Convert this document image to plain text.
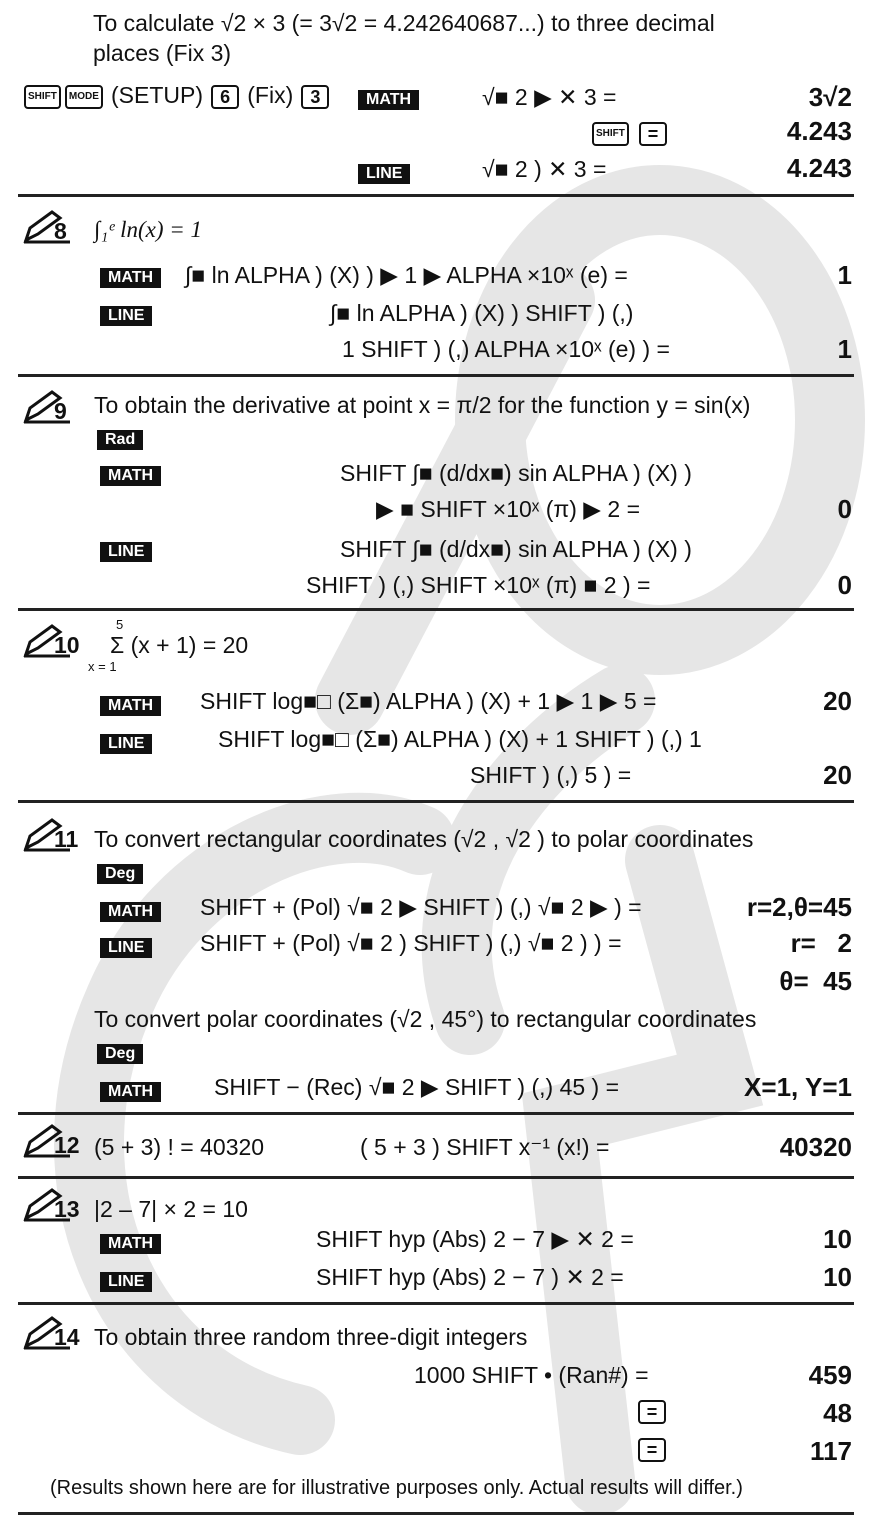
To calculate √2 × 3 (= 3√2 = 4.242640687...) to three decimal
places (Fix 3)
SHIFT MODE (SETUP) 6 (Fix) 3	MATH	√■ 2 ▶ ✕ 3 =	3√2
SHIFT =	4.243
LINE	√■ 2 ) ✕ 3 =	4.243
8 ∫₁ᵉ ln(x) = 1
MATH	∫■ ln ALPHA ) (X) ) ▶ 1 ▶ ALPHA ×10ˣ (e) =	1
LINE	∫■ ln ALPHA ) (X) ) SHIFT ) (,)
1 SHIFT ) (,) ALPHA ×10ˣ (e) ) =	1
9 To obtain the derivative at point x = π/2 for the function y = sin(x)
Rad
MATH	SHIFT ∫■ (d/dx■) sin ALPHA ) (X) )
▶ ■ SHIFT ×10ˣ (π) ▶ 2 =	0
LINE	SHIFT ∫■ (d/dx■) sin ALPHA ) (X) )
SHIFT ) (,) SHIFT ×10ˣ (π) ■ 2 ) =	0
10
5
x = 1
Σ (x + 1) = 20
MATH	SHIFT log■□ (Σ■) ALPHA ) (X) + 1 ▶ 1 ▶ 5 =	20
LINE	SHIFT log■□ (Σ■) ALPHA ) (X) + 1 SHIFT ) (,) 1
SHIFT ) (,) 5 ) =	20
11 To convert rectangular coordinates (√2 , √2 ) to polar coordinates
Deg
MATH	SHIFT + (Pol) √■ 2 ▶ SHIFT ) (,) √■ 2 ▶ ) =	r=2,θ=45
LINE	SHIFT + (Pol) √■ 2 ) SHIFT ) (,) √■ 2 ) ) =	r=   2
θ=  45
To convert polar coordinates (√2 , 45°) to rectangular coordinates
Deg
MATH	SHIFT − (Rec) √■ 2 ▶ SHIFT ) (,) 45 ) =	X=1, Y=1
12 (5 + 3) ! = 40320	( 5 + 3 ) SHIFT x⁻¹ (x!) =	40320
13 |2 – 7| × 2 = 10
MATH	SHIFT hyp (Abs) 2 − 7 ▶ ✕ 2 =	10
LINE	SHIFT hyp (Abs) 2 − 7 ) ✕ 2 =	10
14 To obtain three random three-digit integers
1000 SHIFT • (Ran#) =	459
=	48
=	117
(Results shown here are for illustrative purposes only. Actual results will differ.)
